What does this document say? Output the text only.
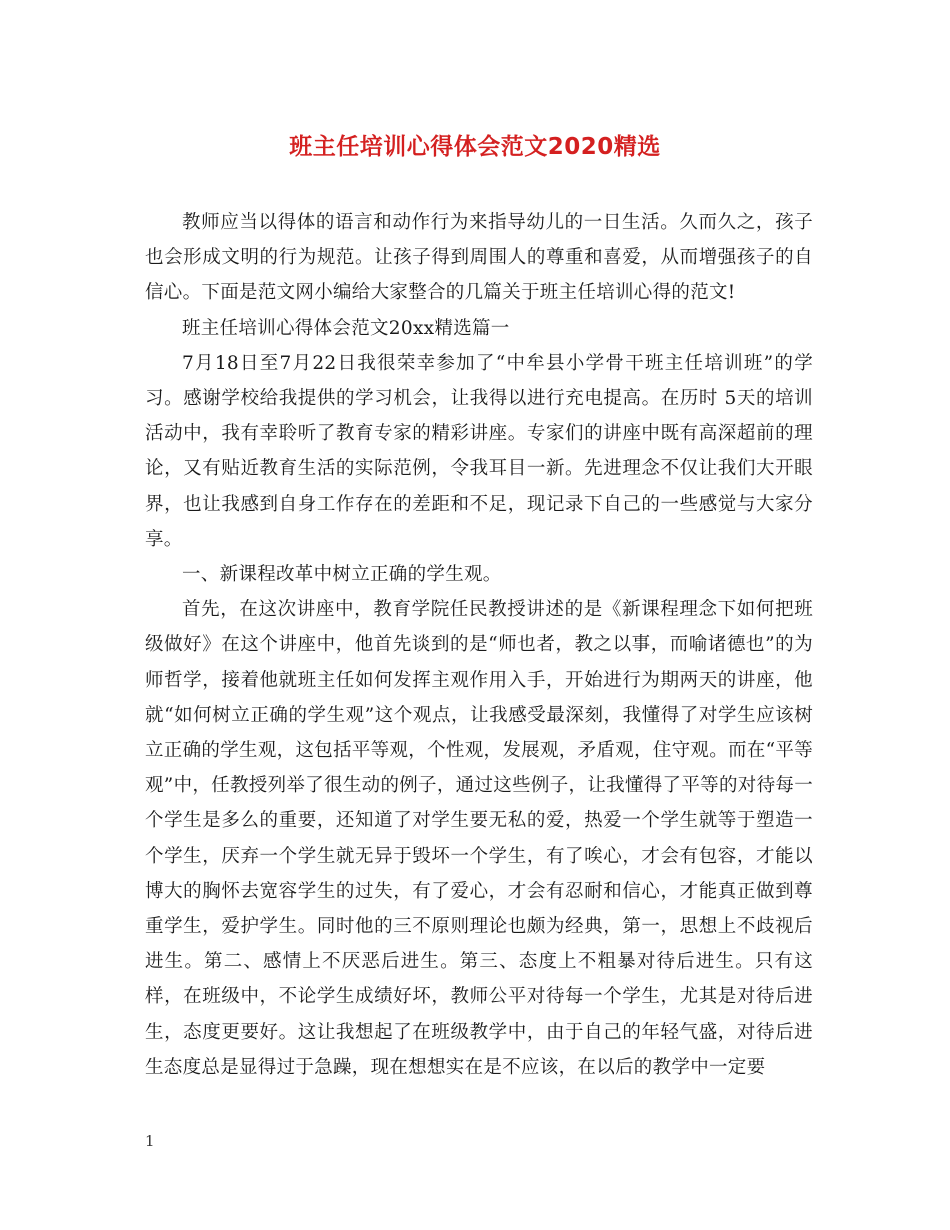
班主任培训心得体会范文2020精选

教师应当以得体的语言和动作行为来指导幼儿的一日生活。久而久之，孩子也会形成文明的行为规范。让孩子得到周围人的尊重和喜爱，从而增强孩子的自信心。下面是范文网小编给大家整合的几篇关于班主任培训心得的范文!

班主任培训心得体会范文20xx精选篇一

7月18日至7月22日我很荣幸参加了“中牟县小学骨干班主任培训班”的学习。感谢学校给我提供的学习机会，让我得以进行充电提高。在历时 5天的培训活动中，我有幸聆听了教育专家的精彩讲座。专家们的讲座中既有高深超前的理论，又有贴近教育生活的实际范例，令我耳目一新。先进理念不仅让我们大开眼界，也让我感到自身工作存在的差距和不足，现记录下自己的一些感觉与大家分享。

一、新课程改革中树立正确的学生观。

首先，在这次讲座中，教育学院任民教授讲述的是《新课程理念下如何把班级做好》在这个讲座中，他首先谈到的是“师也者，教之以事，而喻诸德也”的为师哲学，接着他就班主任如何发挥主观作用入手，开始进行为期两天的讲座，他就“如何树立正确的学生观”这个观点，让我感受最深刻，我懂得了对学生应该树立正确的学生观，这包括平等观，个性观，发展观，矛盾观，住守观。而在“平等观”中，任教授列举了很生动的例子，通过这些例子，让我懂得了平等的对待每一个学生是多么的重要，还知道了对学生要无私的爱，热爱一个学生就等于塑造一个学生，厌弃一个学生就无异于毁坏一个学生，有了唉心，才会有包容，才能以博大的胸怀去宽容学生的过失，有了爱心，才会有忍耐和信心，才能真正做到尊重学生，爱护学生。同时他的三不原则理论也颇为经典，第一，思想上不歧视后进生。第二、感情上不厌恶后进生。第三、态度上不粗暴对待后进生。只有这样，在班级中，不论学生成绩好坏，教师公平对待每一个学生，尤其是对待后进生，态度更要好。这让我想起了在班级教学中，由于自己的年轻气盛，对待后进生态度总是显得过于急躁，现在想想实在是不应该，在以后的教学中一定要

1
